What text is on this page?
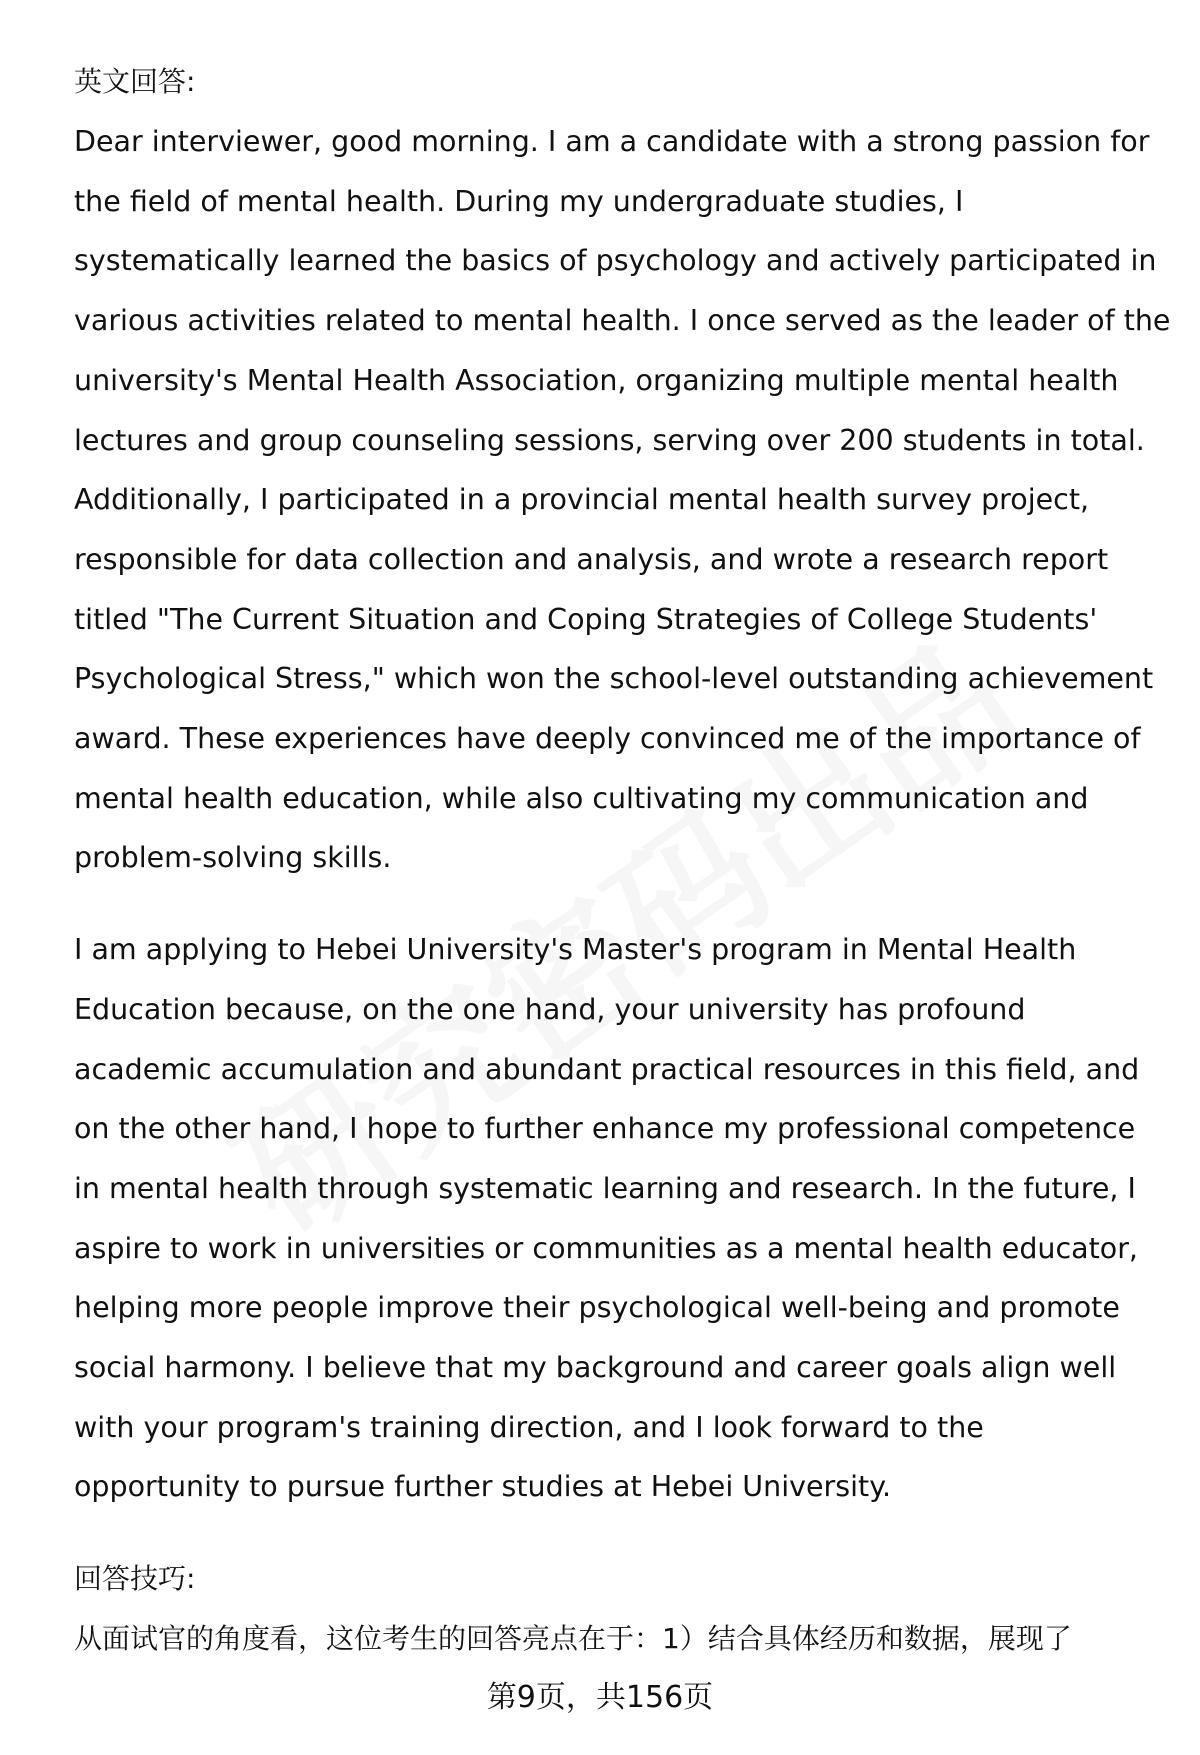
英文回答:

Dear interviewer, good morning. I am a candidate with a strong passion for
the field of mental health. During my undergraduate studies, I
systematically learned the basics of psychology and actively participated in
various activities related to mental health. I once served as the leader of the
university's Mental Health Association, organizing multiple mental health
lectures and group counseling sessions, serving over 200 students in total.
Additionally, I participated in a provincial mental health survey project,
responsible for data collection and analysis, and wrote a research report
titled "The Current Situation and Coping Strategies of College Students'
Psychological Stress," which won the school-level outstanding achievement
award. These experiences have deeply convinced me of the importance of
mental health education, while also cultivating my communication and
problem-solving skills.

I am applying to Hebei University's Master's program in Mental Health
Education because, on the one hand, your university has profound
academic accumulation and abundant practical resources in this field, and
on the other hand, I hope to further enhance my professional competence
in mental health through systematic learning and research. In the future, I
aspire to work in universities or communities as a mental health educator,
helping more people improve their psychological well-being and promote
social harmony. I believe that my background and career goals align well
with your program's training direction, and I look forward to the
opportunity to pursue further studies at Hebei University.

回答技巧:
从面试官的角度看，这位考生的回答亮点在于：1）结合具体经历和数据，展现了
第9页，共156页
